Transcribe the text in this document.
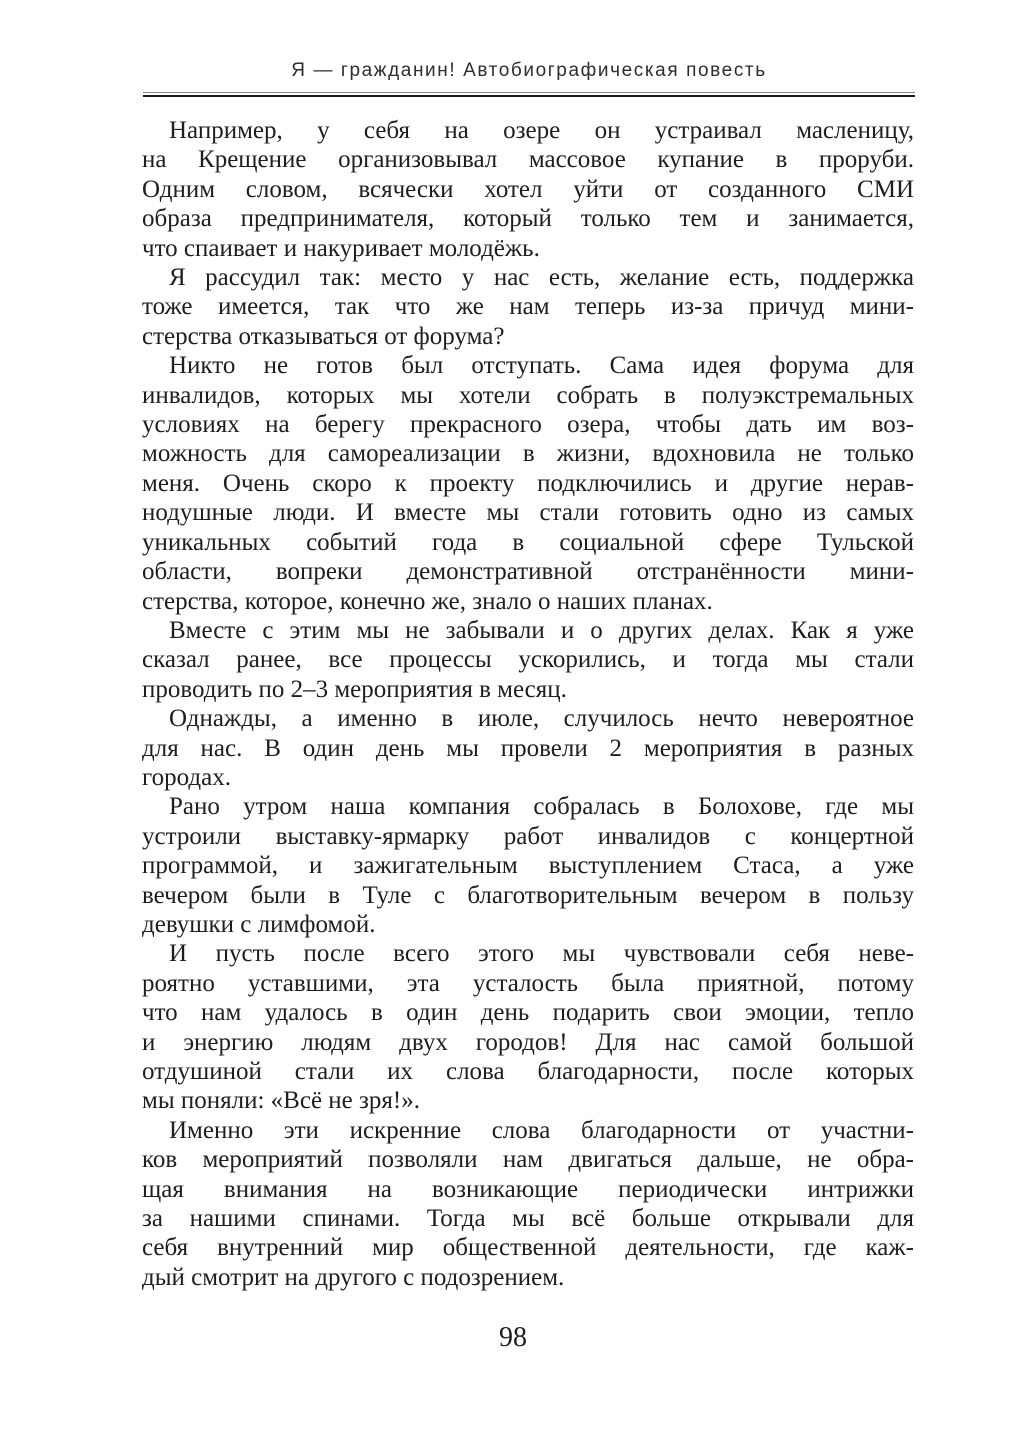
Я — гражданин! Автобиографическая повесть
Например, у себя на озере он устраивал масленицу,
на Крещение организовывал массовое купание в проруби.
Одним словом, всячески хотел уйти от созданного СМИ
образа предпринимателя, который только тем и занимается,
что спаивает и накуривает молодёжь.
Я рассудил так: место у нас есть, желание есть, поддержка
тоже имеется, так что же нам теперь из-за причуд мини-
стерства отказываться от форума?
Никто не готов был отступать. Сама идея форума для
инвалидов, которых мы хотели собрать в полуэкстремальных
условиях на берегу прекрасного озера, чтобы дать им воз-
можность для самореализации в жизни, вдохновила не только
меня. Очень скоро к проекту подключились и другие нерав-
нодушные люди. И вместе мы стали готовить одно из самых
уникальных событий года в социальной сфере Тульской
области, вопреки демонстративной отстранённости мини-
стерства, которое, конечно же, знало о наших планах.
Вместе с этим мы не забывали и о других делах. Как я уже
сказал ранее, все процессы ускорились, и тогда мы стали
проводить по 2–3 мероприятия в месяц.
Однажды, а именно в июле, случилось нечто невероятное
для нас. В один день мы провели 2 мероприятия в разных
городах.
Рано утром наша компания собралась в Болохове, где мы
устроили выставку-ярмарку работ инвалидов с концертной
программой, и зажигательным выступлением Стаса, а уже
вечером были в Туле с благотворительным вечером в пользу
девушки с лимфомой.
И пусть после всего этого мы чувствовали себя неве-
роятно уставшими, эта усталость была приятной, потому
что нам удалось в один день подарить свои эмоции, тепло
и энергию людям двух городов! Для нас самой большой
отдушиной стали их слова благодарности, после которых
мы поняли: «Всё не зря!».
Именно эти искренние слова благодарности от участни-
ков мероприятий позволяли нам двигаться дальше, не обра-
щая внимания на возникающие периодически интрижки
за нашими спинами. Тогда мы всё больше открывали для
себя внутренний мир общественной деятельности, где каж-
дый смотрит на другого с подозрением.
98
